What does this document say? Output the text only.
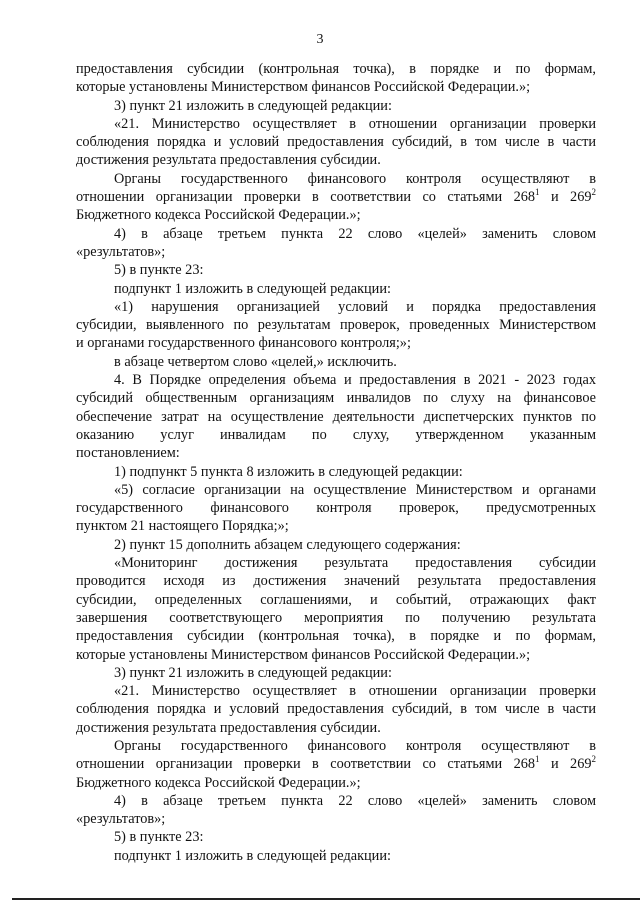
3
предоставления субсидии (контрольная точка), в порядке и по формам,
которые установлены Министерством финансов Российской Федерации.»;
3) пункт 21 изложить в следующей редакции:
«21. Министерство осуществляет в отношении организации проверки
соблюдения порядка и условий предоставления субсидий, в том числе в части
достижения результата предоставления субсидии.
Органы государственного финансового контроля осуществляют в
отношении организации проверки в соответствии со статьями $268^1$ и $269^2$
Бюджетного кодекса Российской Федерации.»;
4) в абзаце третьем пункта 22 слово «целей» заменить словом
«результатов»;
5) в пункте 23:
подпункт 1 изложить в следующей редакции:
«1) нарушения организацией условий и порядка предоставления
субсидии, выявленного по результатам проверок, проведенных Министерством
и органами государственного финансового контроля;»;
в абзаце четвертом слово «целей,» исключить.
4. В Порядке определения объема и предоставления в 2021 - 2023 годах
субсидий общественным организациям инвалидов по слуху на финансовое
обеспечение затрат на осуществление деятельности диспетчерских пунктов по
оказанию услуг инвалидам по слуху, утвержденном указанным
постановлением:
1) подпункт 5 пункта 8 изложить в следующей редакции:
«5) согласие организации на осуществление Министерством и органами
государственного финансового контроля проверок, предусмотренных
пунктом 21 настоящего Порядка;»;
2) пункт 15 дополнить абзацем следующего содержания:
«Мониторинг достижения результата предоставления субсидии
проводится исходя из достижения значений результата предоставления
субсидии, определенных соглашениями, и событий, отражающих факт
завершения соответствующего мероприятия по получению результата
предоставления субсидии (контрольная точка), в порядке и по формам,
которые установлены Министерством финансов Российской Федерации.»;
3) пункт 21 изложить в следующей редакции:
«21. Министерство осуществляет в отношении организации проверки
соблюдения порядка и условий предоставления субсидий, в том числе в части
достижения результата предоставления субсидии.
Органы государственного финансового контроля осуществляют в
отношении организации проверки в соответствии со статьями $268^1$ и $269^2$
Бюджетного кодекса Российской Федерации.»;
4) в абзаце третьем пункта 22 слово «целей» заменить словом
«результатов»;
5) в пункте 23:
подпункт 1 изложить в следующей редакции:
